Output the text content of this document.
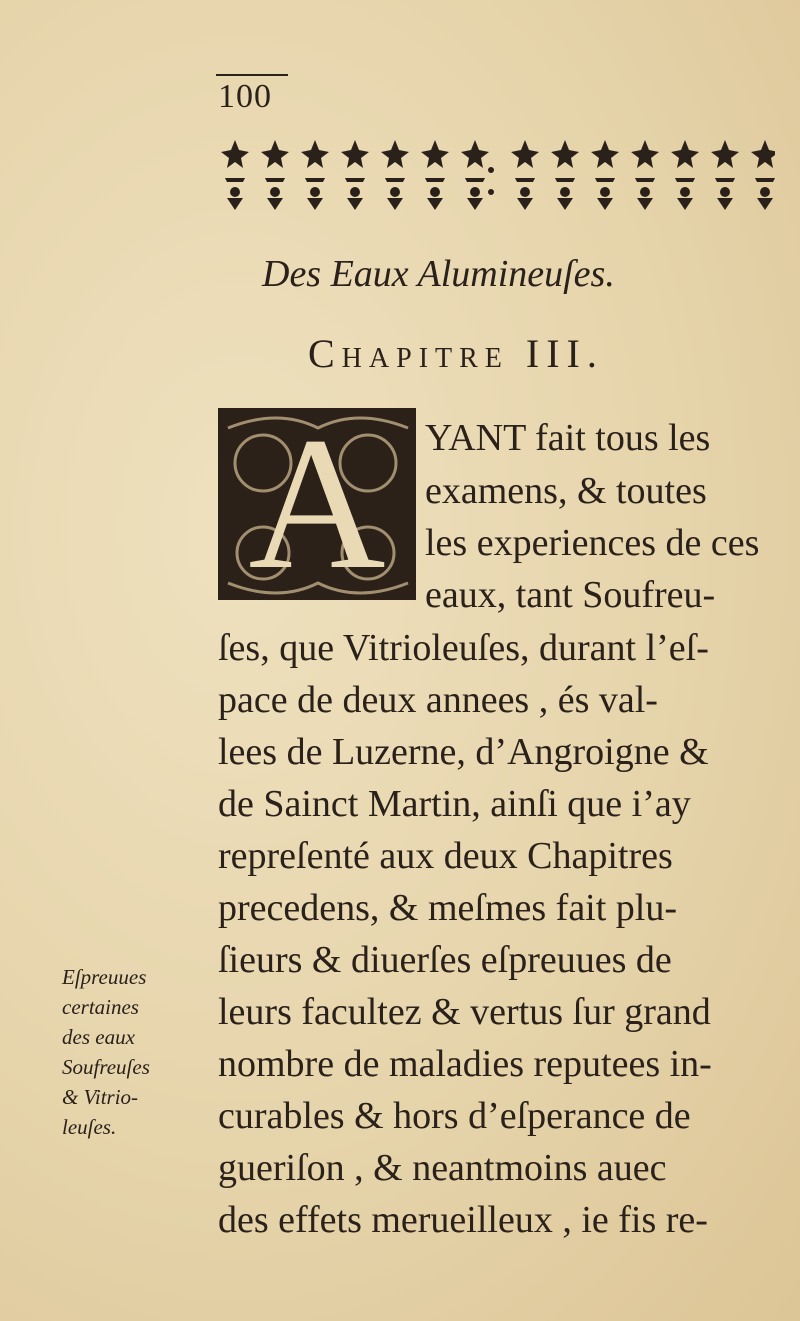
100
Des Eaux Alumineuſes.
Chapitre III.
A	YANT fait tous les
examens, & toutes
les experiences de ces
eaux, tant Soufreu-
ſes, que Vitrioleuſes, durant l’eſ-
pace de deux annees , és val-
lees de Luzerne, d’Angroigne &
de Sainct Martin, ainſi que i’ay
repreſenté aux deux Chapitres
precedens, & meſmes fait plu-
ſieurs & diuerſes eſpreuues de
leurs facultez & vertus ſur grand
nombre de maladies reputees in-
curables & hors d’eſperance de
gueriſon , & neantmoins auec
des effets merueilleux , ie fis re-
Eſpreuues
certaines
des eaux
Soufreuſes
& Vitrio-
leuſes.
